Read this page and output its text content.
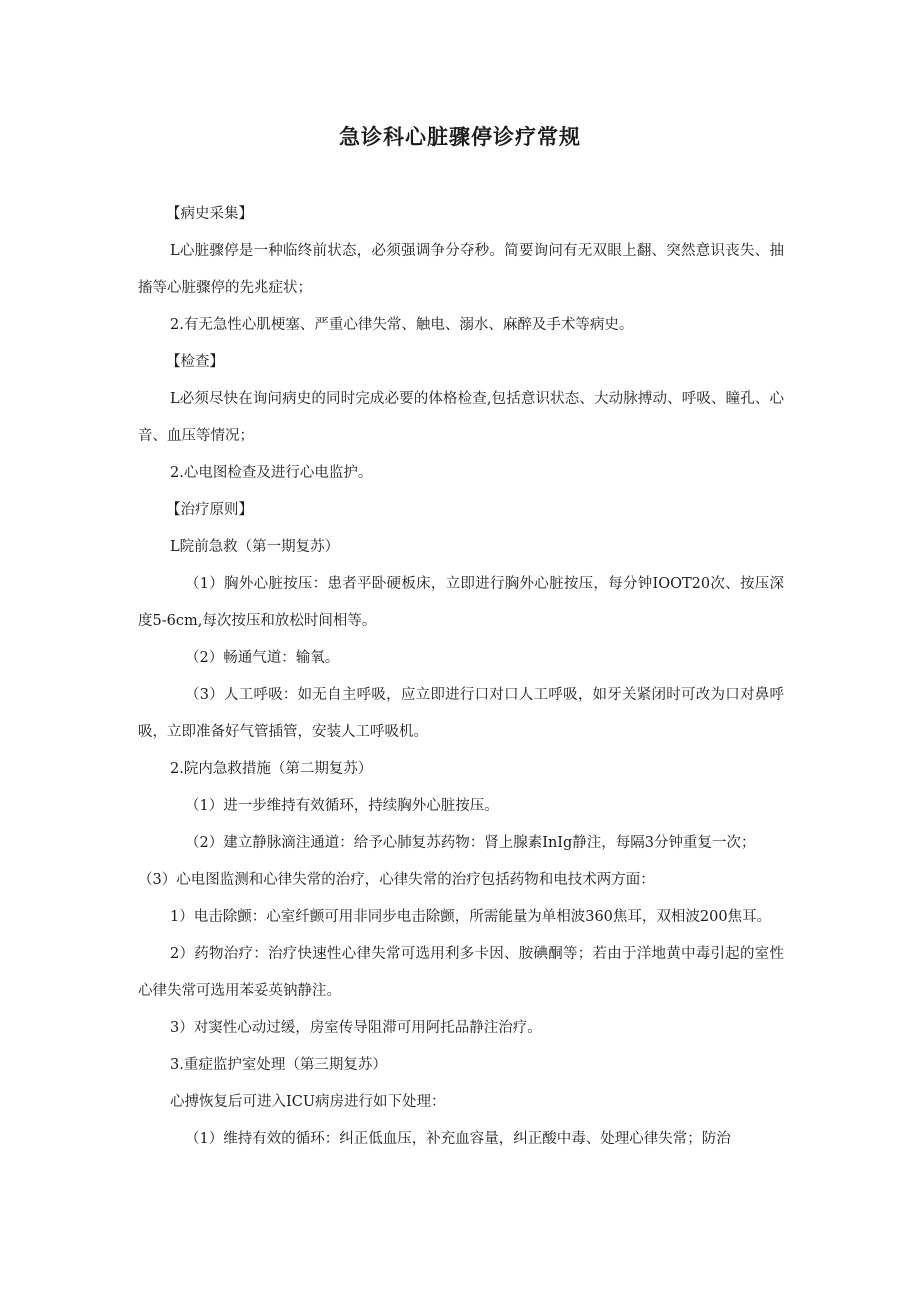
急诊科心脏骤停诊疗常规

【病史采集】

L心脏骤停是一种临终前状态，必须强调争分夺秒。简要询问有无双眼上翻、突然意识丧失、抽搐等心脏骤停的先兆症状；

2.有无急性心肌梗塞、严重心律失常、触电、溺水、麻醉及手术等病史。

【检查】

L必须尽快在询问病史的同时完成必要的体格检查,包括意识状态、大动脉搏动、呼吸、瞳孔、心音、血压等情况；

2.心电图检查及进行心电监护。

【治疗原则】

L院前急救（第一期复苏）

（1）胸外心脏按压：患者平卧硬板床，立即进行胸外心脏按压，每分钟IOOT20次、按压深度5-6cm,每次按压和放松时间相等。

（2）畅通气道：输氧。

（3）人工呼吸：如无自主呼吸，应立即进行口对口人工呼吸，如牙关紧闭时可改为口对鼻呼吸，立即准备好气管插管，安装人工呼吸机。

2.院内急救措施（第二期复苏）

（1）进一步维持有效循环，持续胸外心脏按压。

（2）建立静脉滴注通道：给予心肺复苏药物：肾上腺素InIg静注，每隔3分钟重复一次；

（3）心电图监测和心律失常的治疗，心律失常的治疗包括药物和电技术两方面：

1）电击除颤：心室纤颤可用非同步电击除颤，所需能量为单相波360焦耳，双相波200焦耳。

2）药物治疗：治疗快速性心律失常可选用利多卡因、胺碘酮等；若由于洋地黄中毒引起的室性心律失常可选用苯妥英钠静注。

3）对窦性心动过缓，房室传导阻滞可用阿托品静注治疗。

3.重症监护室处理（第三期复苏）

心搏恢复后可进入ICU病房进行如下处理：

（1）维持有效的循环：纠正低血压，补充血容量，纠正酸中毒、处理心律失常；防治
